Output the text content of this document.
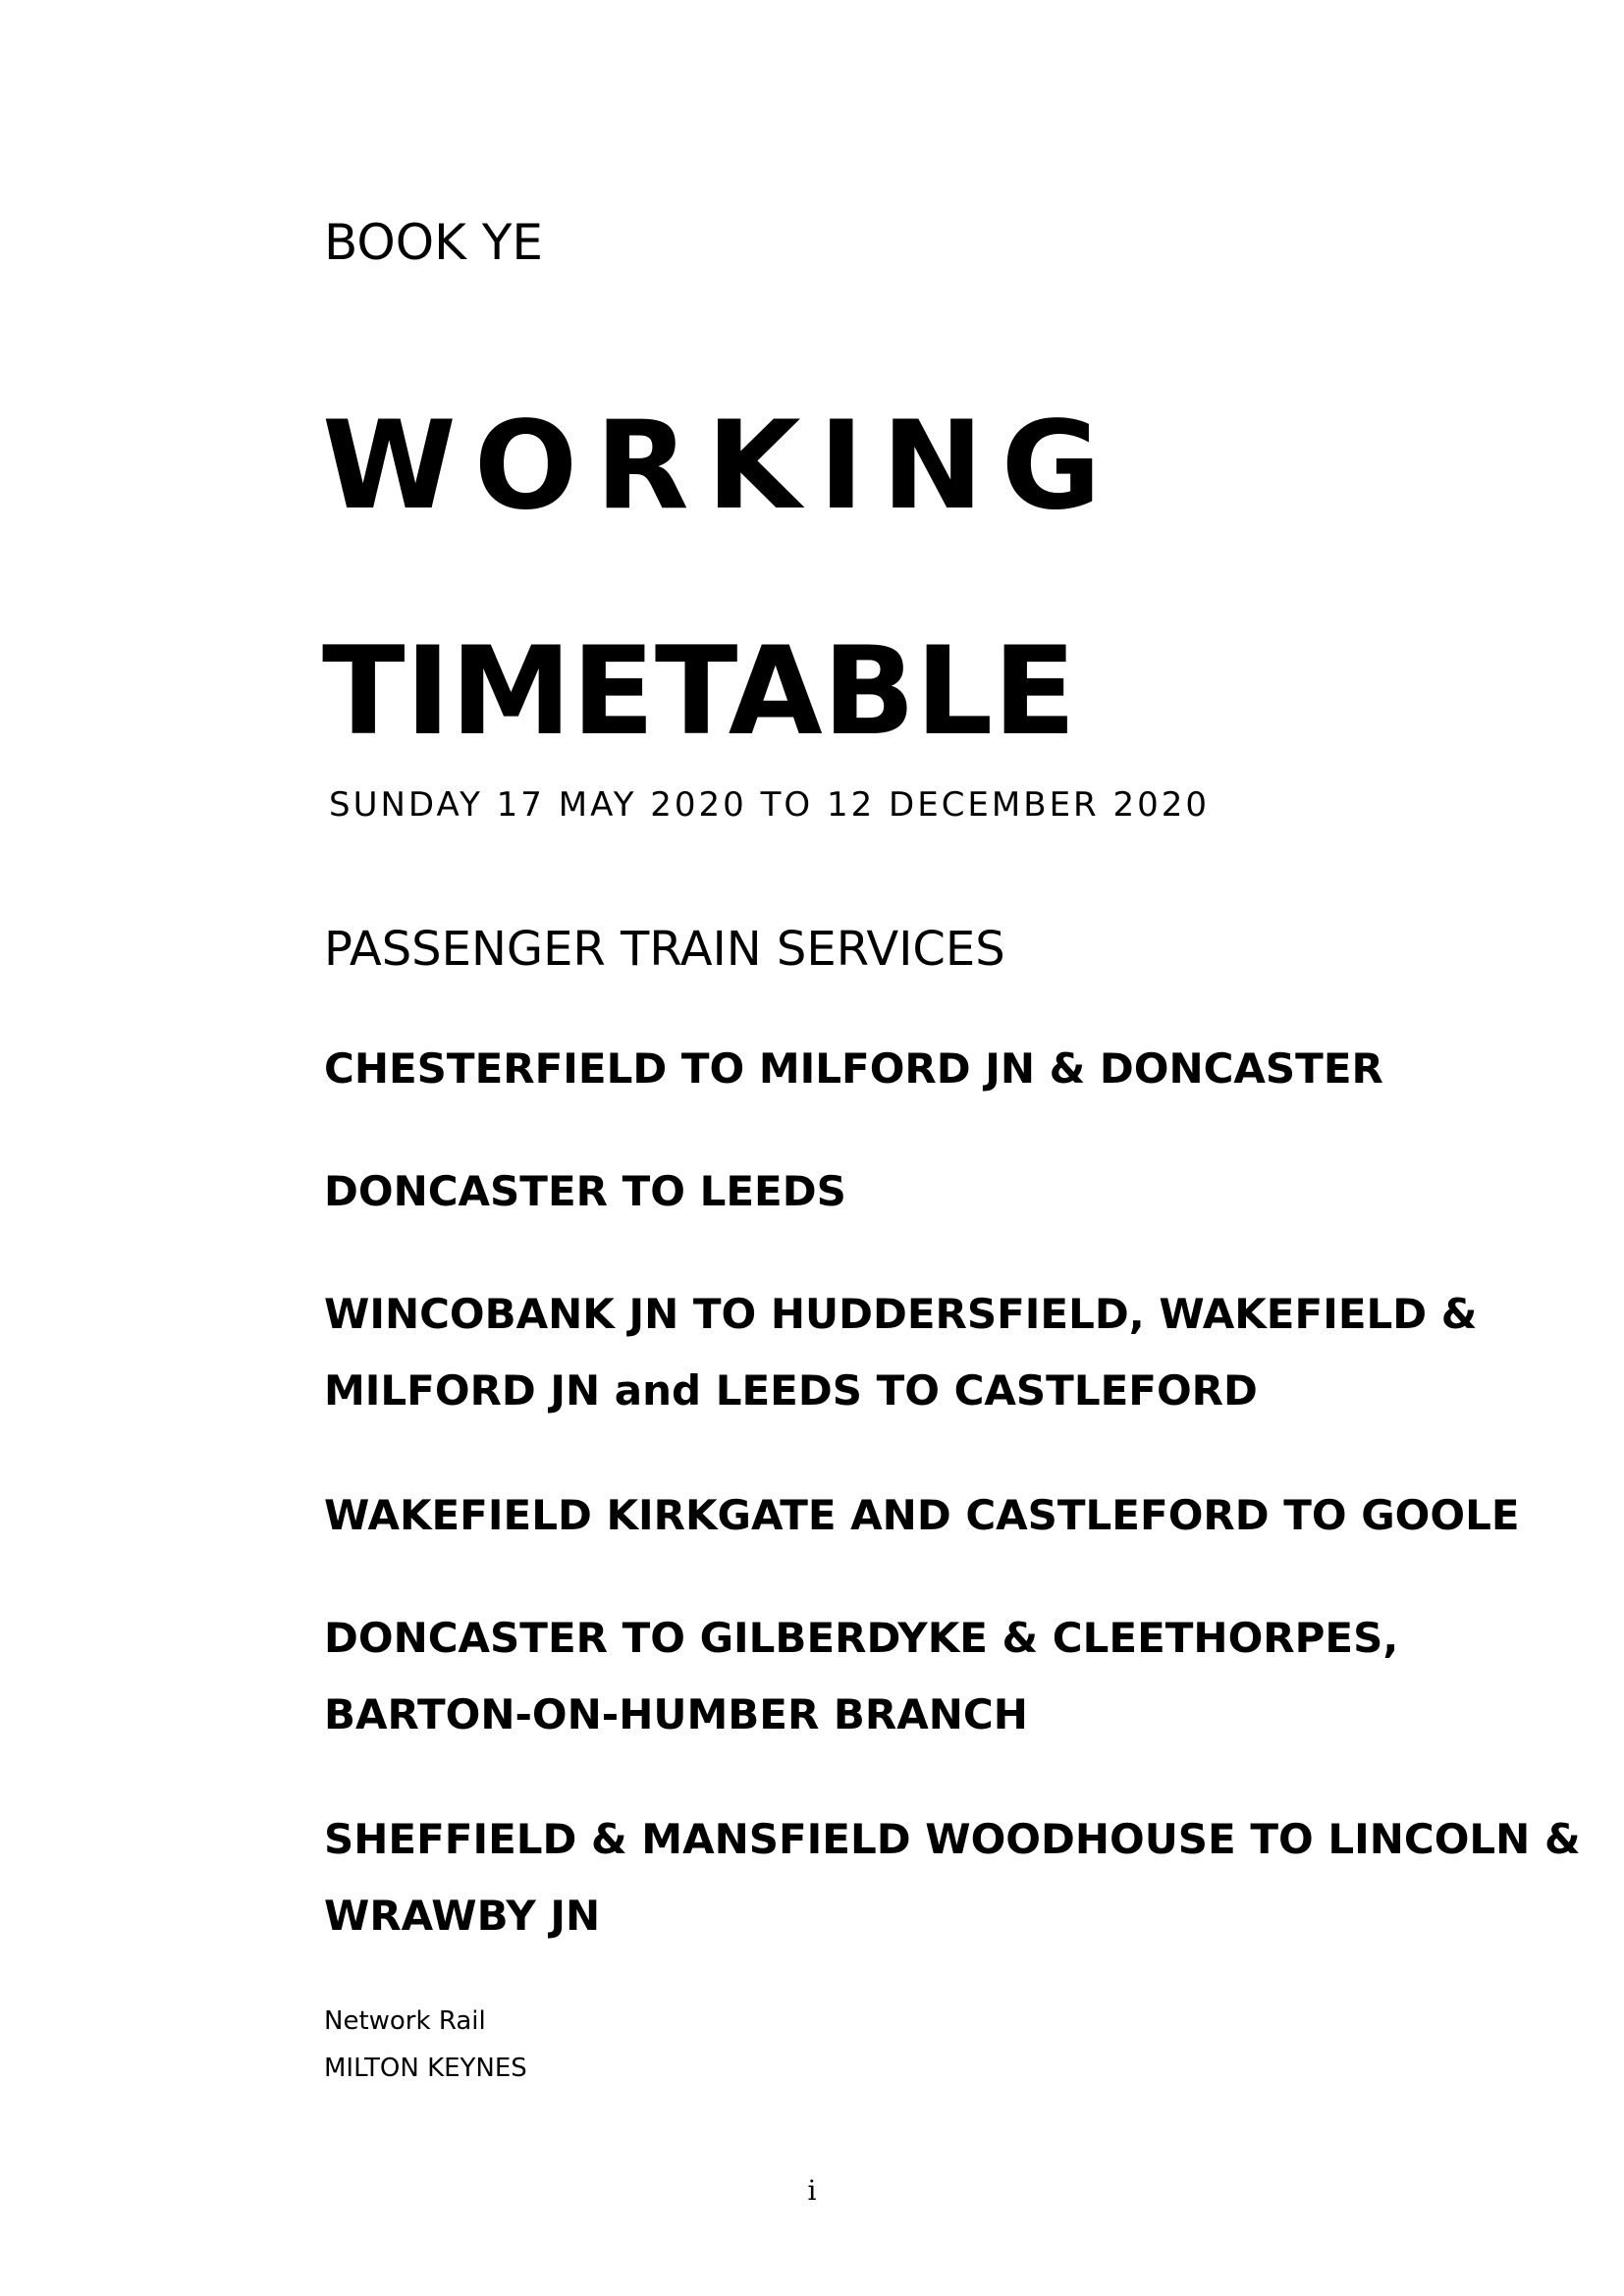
BOOK YE
WORKING
TIMETABLE
SUNDAY 17 MAY 2020 TO 12 DECEMBER 2020
PASSENGER TRAIN SERVICES
CHESTERFIELD TO MILFORD JN & DONCASTER
DONCASTER TO LEEDS
WINCOBANK JN TO HUDDERSFIELD, WAKEFIELD &
MILFORD JN and LEEDS TO CASTLEFORD
WAKEFIELD KIRKGATE AND CASTLEFORD TO GOOLE
DONCASTER TO GILBERDYKE & CLEETHORPES,
BARTON-ON-HUMBER BRANCH
SHEFFIELD & MANSFIELD WOODHOUSE TO LINCOLN &
WRAWBY JN
Network Rail
MILTON KEYNES
i
